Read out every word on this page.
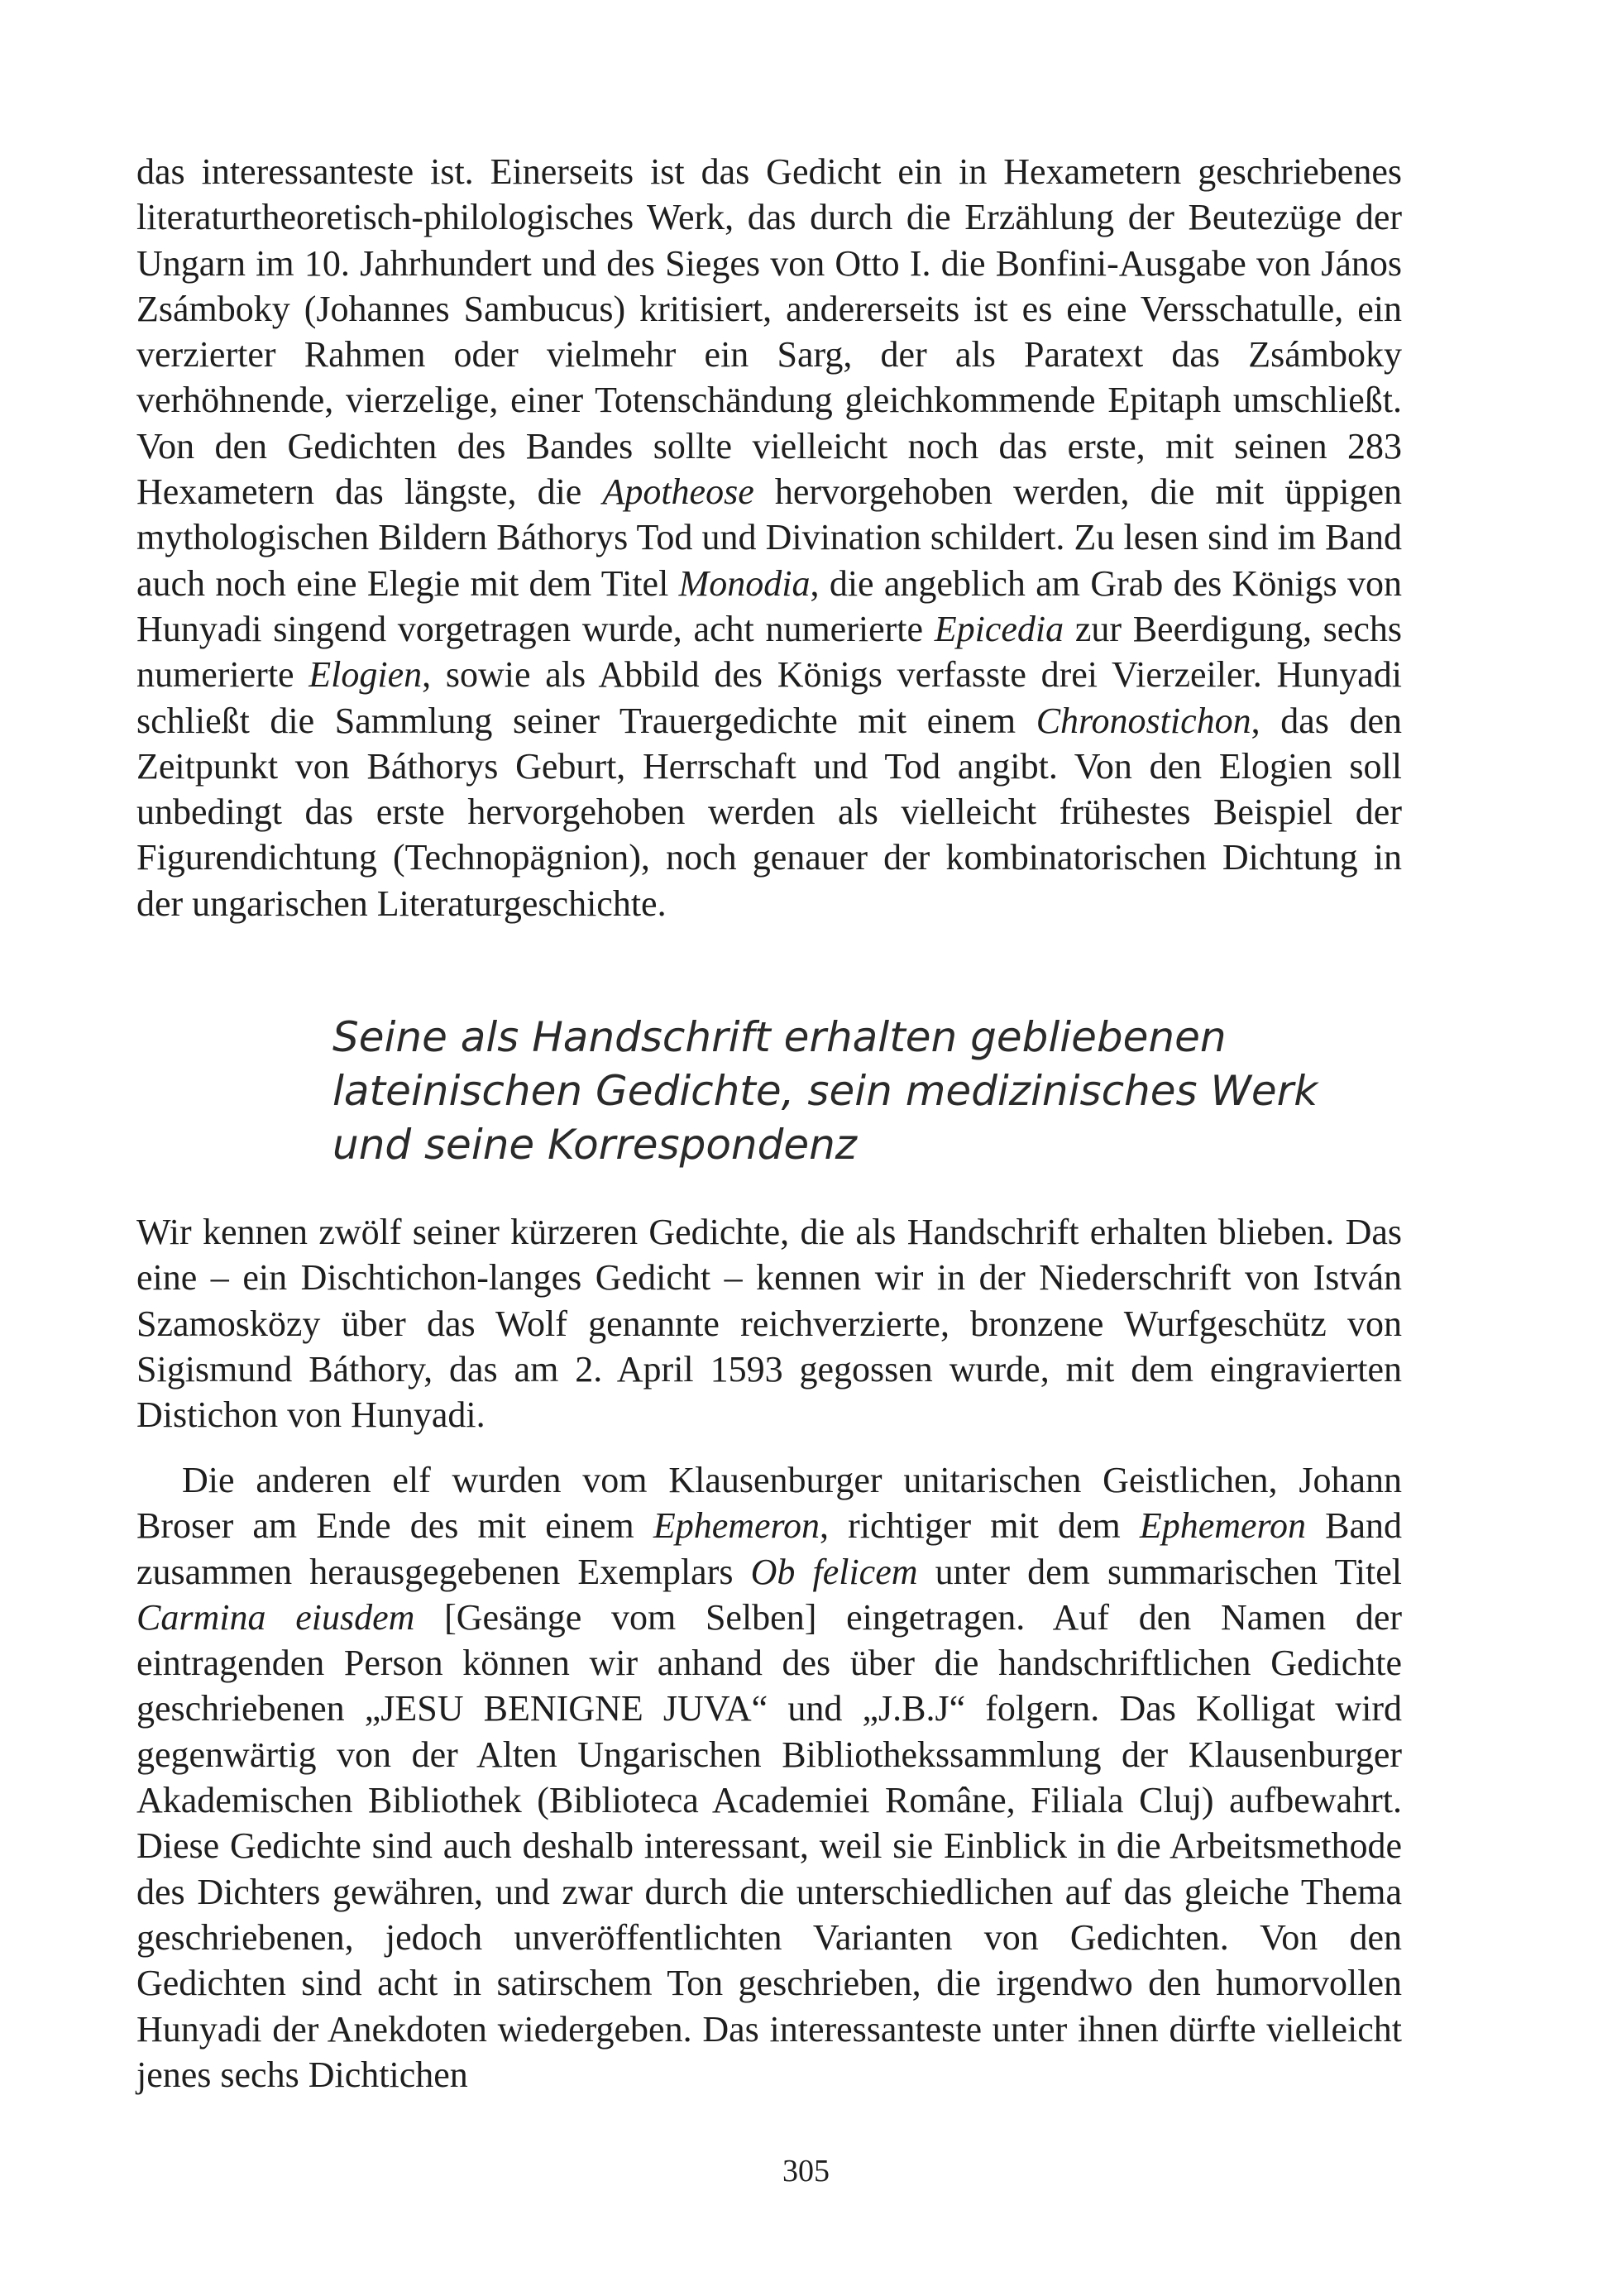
das interessanteste ist. Einerseits ist das Gedicht ein in Hexametern geschriebenes literaturtheoretisch-philologisches Werk, das durch die Erzählung der Beutezüge der Ungarn im 10. Jahrhundert und des Sieges von Otto I. die Bonfini-Ausgabe von János Zsámboky (Johannes Sambucus) kritisiert, andererseits ist es eine Versschatulle, ein verzierter Rahmen oder vielmehr ein Sarg, der als Paratext das Zsámboky verhöhnende, vierzelige, einer Totenschändung gleichkommende Epitaph umschließt. Von den Gedichten des Bandes sollte vielleicht noch das erste, mit seinen 283 Hexametern das längste, die Apotheose hervorgehoben werden, die mit üppigen mythologischen Bildern Báthorys Tod und Divination schildert. Zu lesen sind im Band auch noch eine Elegie mit dem Titel Monodia, die angeblich am Grab des Königs von Hunyadi singend vorgetragen wurde, acht numerierte Epicedia zur Beerdigung, sechs numerierte Elogien, sowie als Abbild des Königs verfasste drei Vierzeiler. Hunyadi schließt die Sammlung seiner Trauergedichte mit einem Chronostichon, das den Zeitpunkt von Báthorys Geburt, Herrschaft und Tod angibt. Von den Elogien soll unbedingt das erste hervorgehoben werden als vielleicht frühestes Beispiel der Figurendichtung (Technopägnion), noch genauer der kombinatorischen Dichtung in der ungarischen Literaturgeschichte.

Seine als Handschrift erhalten gebliebenen lateinischen Gedichte, sein medizinisches Werk und seine Korrespondenz

Wir kennen zwölf seiner kürzeren Gedichte, die als Handschrift erhalten blieben. Das eine – ein Dischtichon-langes Gedicht – kennen wir in der Niederschrift von István Szamosközy über das Wolf genannte reichverzierte, bronzene Wurfgeschütz von Sigismund Báthory, das am 2. April 1593 gegossen wurde, mit dem eingravierten Distichon von Hunyadi.

Die anderen elf wurden vom Klausenburger unitarischen Geistlichen, Johann Broser am Ende des mit einem Ephemeron, richtiger mit dem Ephemeron Band zusammen herausgegebenen Exemplars Ob felicem unter dem summarischen Titel Carmina eiusdem [Gesänge vom Selben] eingetragen. Auf den Namen der eintragenden Person können wir anhand des über die handschriftlichen Gedichte geschriebenen „JESU BENIGNE JUVA“ und „J.B.J“ folgern. Das Kolligat wird gegenwärtig von der Alten Ungarischen Bibliothekssammlung der Klausenburger Akademischen Bibliothek (Biblioteca Academiei Române, Filiala Cluj) aufbewahrt. Diese Gedichte sind auch deshalb interessant, weil sie Einblick in die Arbeitsmethode des Dichters gewähren, und zwar durch die unterschiedlichen auf das gleiche Thema geschriebenen, jedoch unveröffentlichten Varianten von Gedichten. Von den Gedichten sind acht in satirschem Ton geschrieben, die irgendwo den humorvollen Hunyadi der Anekdoten wiedergeben. Das interessanteste unter ihnen dürfte vielleicht jenes sechs Dichtichen

305
